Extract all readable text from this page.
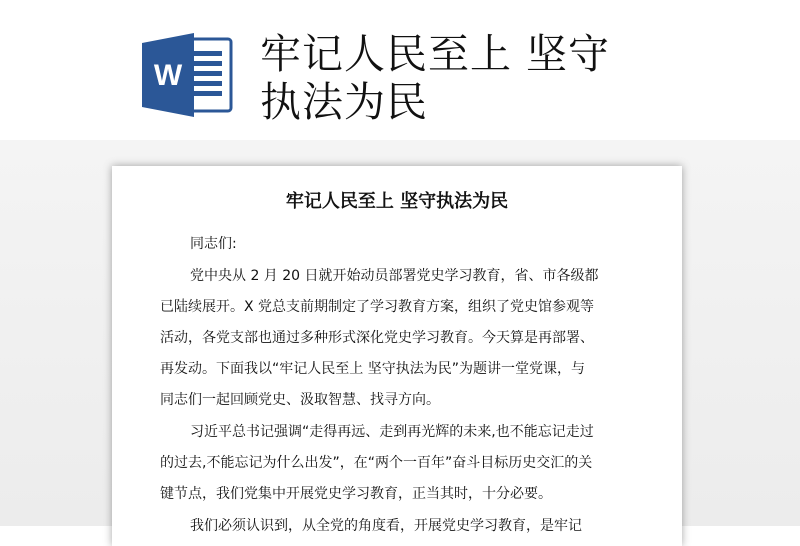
W 牢记人民至上 坚守
执法为民
牢记人民至上 坚守执法为民
同志们:
党中央从 2 月 20 日就开始动员部署党史学习教育，省、市各级都
已陆续展开。X 党总支前期制定了学习教育方案，组织了党史馆参观等
活动，各党支部也通过多种形式深化党史学习教育。今天算是再部署、
再发动。下面我以“牢记人民至上 坚守执法为民”为题讲一堂党课，与
同志们一起回顾党史、汲取智慧、找寻方向。
习近平总书记强调“走得再远、走到再光辉的未来,也不能忘记走过
的过去,不能忘记为什么出发”，在“两个一百年”奋斗目标历史交汇的关
键节点，我们党集中开展党史学习教育，正当其时，十分必要。
我们必须认识到，从全党的角度看，开展党史学习教育，是牢记
